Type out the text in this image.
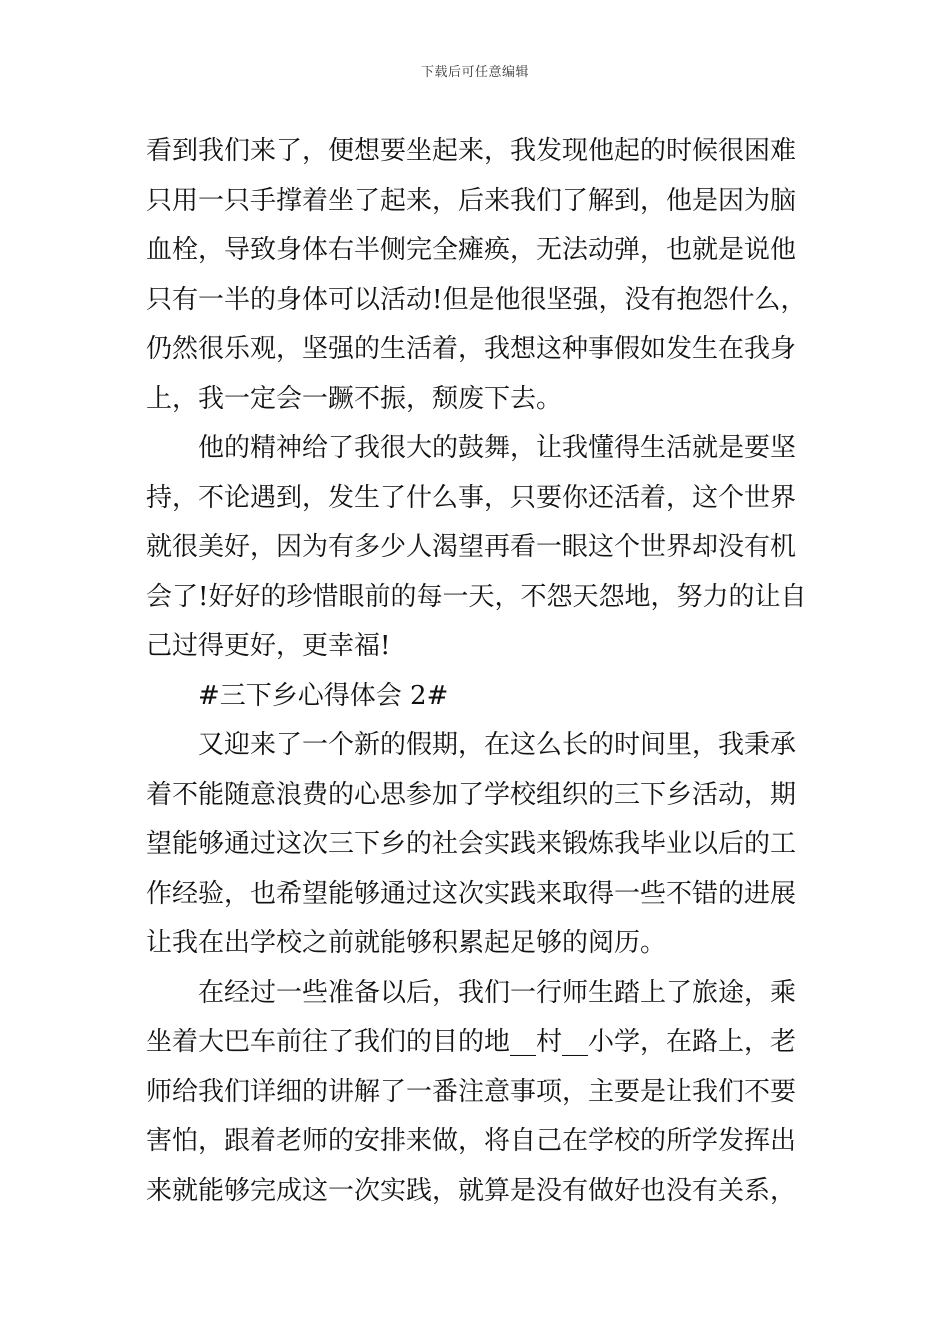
下载后可任意编辑
看到我们来了，便想要坐起来，我发现他起的时候很困难
只用一只手撑着坐了起来，后来我们了解到，他是因为脑
血栓，导致身体右半侧完全瘫痪，无法动弹，也就是说他
只有一半的身体可以活动!但是他很坚强，没有抱怨什么，
仍然很乐观，坚强的生活着，我想这种事假如发生在我身
上，我一定会一蹶不振，颓废下去。
他的精神给了我很大的鼓舞，让我懂得生活就是要坚
持，不论遇到，发生了什么事，只要你还活着，这个世界
就很美好，因为有多少人渴望再看一眼这个世界却没有机
会了!好好的珍惜眼前的每一天，不怨天怨地，努力的让自
己过得更好，更幸福!
#三下乡心得体会 2#
又迎来了一个新的假期，在这么长的时间里，我秉承
着不能随意浪费的心思参加了学校组织的三下乡活动，期
望能够通过这次三下乡的社会实践来锻炼我毕业以后的工
作经验，也希望能够通过这次实践来取得一些不错的进展
让我在出学校之前就能够积累起足够的阅历。
在经过一些准备以后，我们一行师生踏上了旅途，乘
坐着大巴车前往了我们的目的地__村__小学，在路上，老
师给我们详细的讲解了一番注意事项，主要是让我们不要
害怕，跟着老师的安排来做，将自己在学校的所学发挥出
来就能够完成这一次实践，就算是没有做好也没有关系，
